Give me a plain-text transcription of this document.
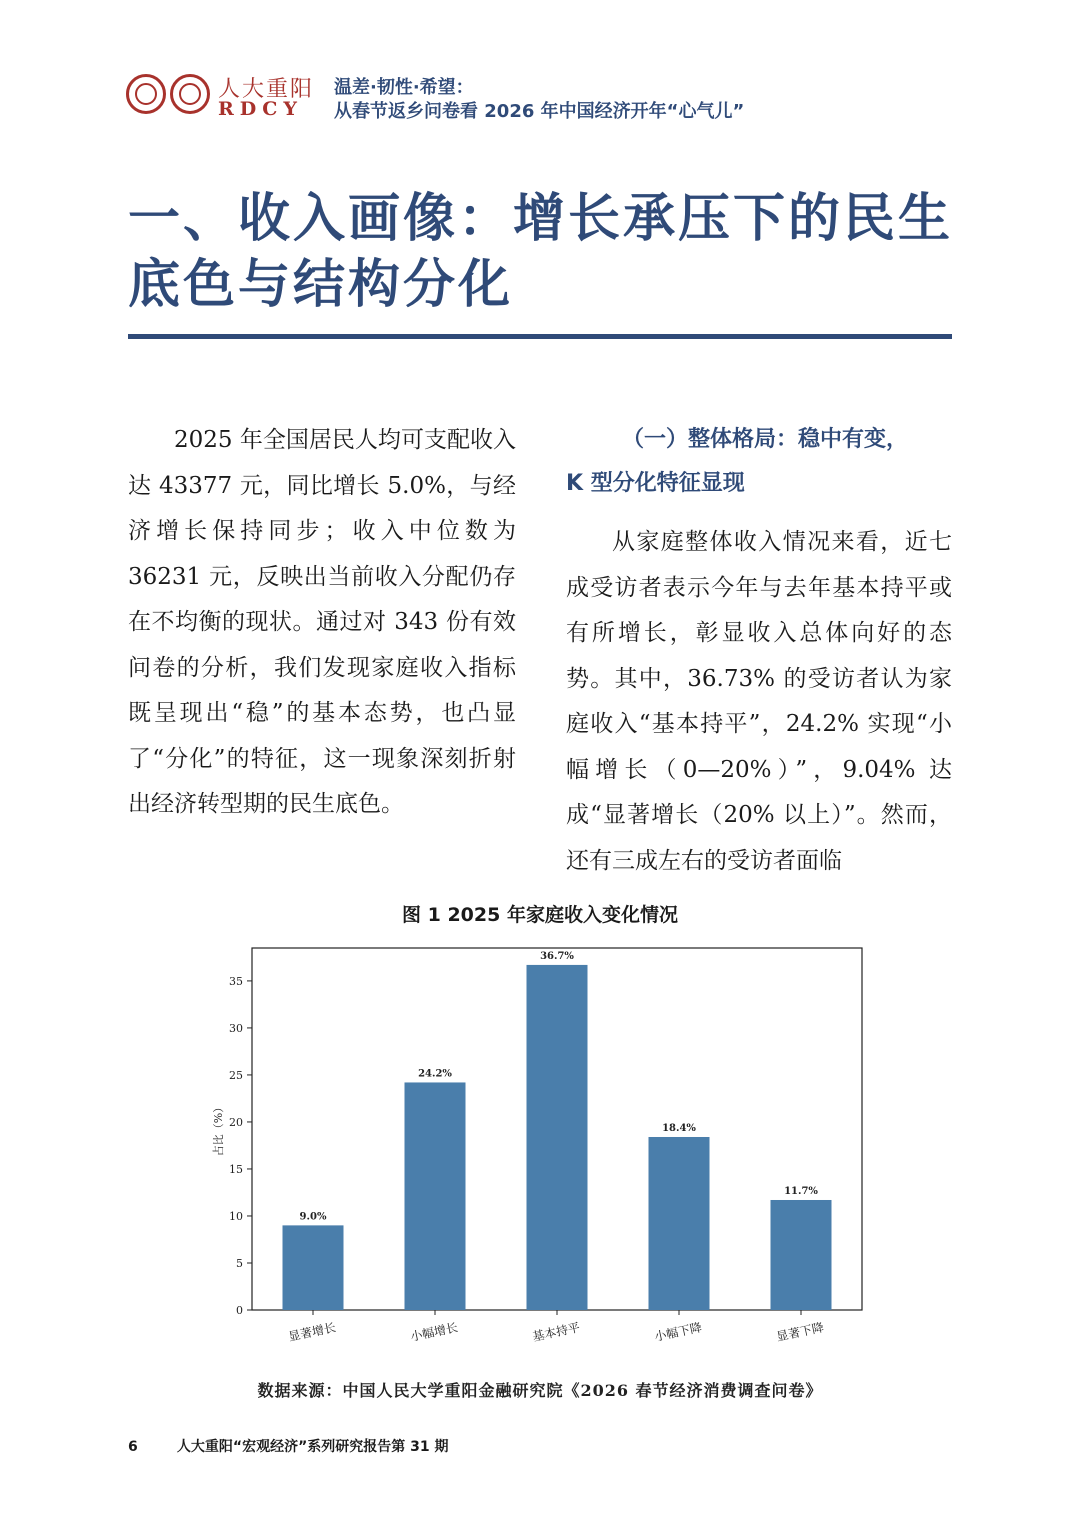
人大重阳
RDCY
温差·韧性·希望：
从春节返乡问卷看 2026 年中国经济开年“心气儿”
一、收入画像：增长承压下的民生
底色与结构分化

2025 年全国居民人均可支配收入达 43377 元，同比增长 5.0%，与经济增长保持同步；收入中位数为 36231 元，反映出当前收入分配仍存在不均衡的现状。通过对 343 份有效问卷的分析，我们发现家庭收入指标既呈现出“稳”的基本态势，也凸显了“分化”的特征，这一现象深刻折射出经济转型期的民生底色。

（一）整体格局：稳中有变，
K 型分化特征显现

从家庭整体收入情况来看，近七成受访者表示今年与去年基本持平或有所增长，彰显收入总体向好的态势。其中，36.73% 的受访者认为家庭收入“基本持平”，24.2% 实现“小幅增长（0—20%）”，9.04% 达成“显著增长（20% 以上）”。然而，还有三成左右的受访者面临

图 1 2025 年家庭收入变化情况
0
5
10
15
20
25
30
35
占比（%）
9.0%
显著增长
24.2%
小幅增长
36.7%
基本持平
18.4%
小幅下降
11.7%
显著下降
数据来源：中国人民大学重阳金融研究院《2026 春节经济消费调查问卷》
6	人大重阳“宏观经济”系列研究报告第 31 期
